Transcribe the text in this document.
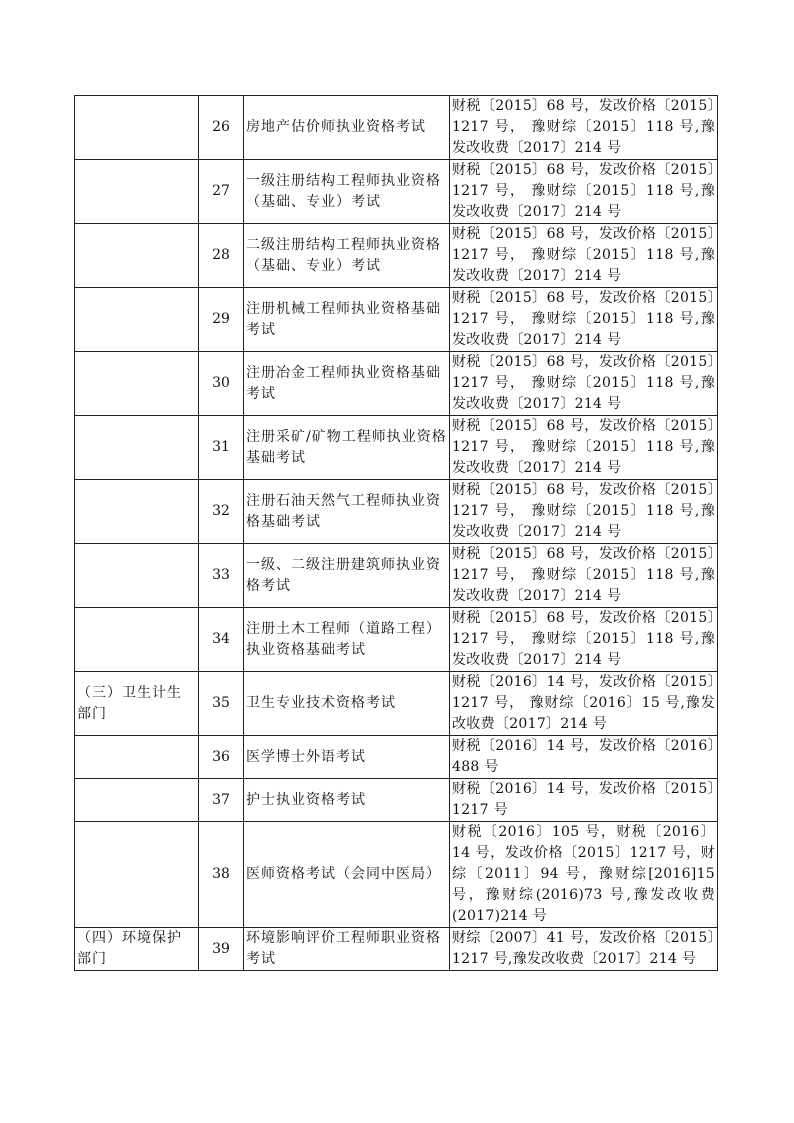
	26	房地产估价师执业资格考试	财税〔2015〕68 号，发改价格〔2015〕1217 号， 豫财综〔2015〕118 号,豫发改收费〔2017〕214 号
	27	一级注册结构工程师执业资格（基础、专业）考试	财税〔2015〕68 号，发改价格〔2015〕1217 号， 豫财综〔2015〕118 号,豫发改收费〔2017〕214 号
	28	二级注册结构工程师执业资格（基础、专业）考试	财税〔2015〕68 号，发改价格〔2015〕1217 号， 豫财综〔2015〕118 号,豫发改收费〔2017〕214 号
	29	注册机械工程师执业资格基础考试	财税〔2015〕68 号，发改价格〔2015〕1217 号， 豫财综〔2015〕118 号,豫发改收费〔2017〕214 号
	30	注册冶金工程师执业资格基础考试	财税〔2015〕68 号，发改价格〔2015〕1217 号， 豫财综〔2015〕118 号,豫发改收费〔2017〕214 号
	31	注册采矿/矿物工程师执业资格基础考试	财税〔2015〕68 号，发改价格〔2015〕1217 号， 豫财综〔2015〕118 号,豫发改收费〔2017〕214 号
	32	注册石油天然气工程师执业资格基础考试	财税〔2015〕68 号，发改价格〔2015〕1217 号， 豫财综〔2015〕118 号,豫发改收费〔2017〕214 号
	33	一级、二级注册建筑师执业资格考试	财税〔2015〕68 号，发改价格〔2015〕1217 号， 豫财综〔2015〕118 号,豫发改收费〔2017〕214 号
	34	注册土木工程师（道路工程）执业资格基础考试	财税〔2015〕68 号，发改价格〔2015〕1217 号， 豫财综〔2015〕118 号,豫发改收费〔2017〕214 号
（三）卫生计生部门	35	卫生专业技术资格考试	财税〔2016〕14 号，发改价格〔2015〕1217 号， 豫财综〔2016〕15 号,豫发改收费〔2017〕214 号
	36	医学博士外语考试	财税〔2016〕14 号，发改价格〔2016〕488 号
	37	护士执业资格考试	财税〔2016〕14 号，发改价格〔2015〕1217 号
	38	医师资格考试（会同中医局）	财税〔2016〕105 号，财税〔2016〕14 号，发改价格〔2015〕1217 号，财综〔2011〕94 号，豫财综[2016]15 号，豫财综(2016)73 号,豫发改收费(2017)214 号
（四）环境保护部门	39	环境影响评价工程师职业资格考试	财综〔2007〕41 号，发改价格〔2015〕1217 号,豫发改收费〔2017〕214 号
